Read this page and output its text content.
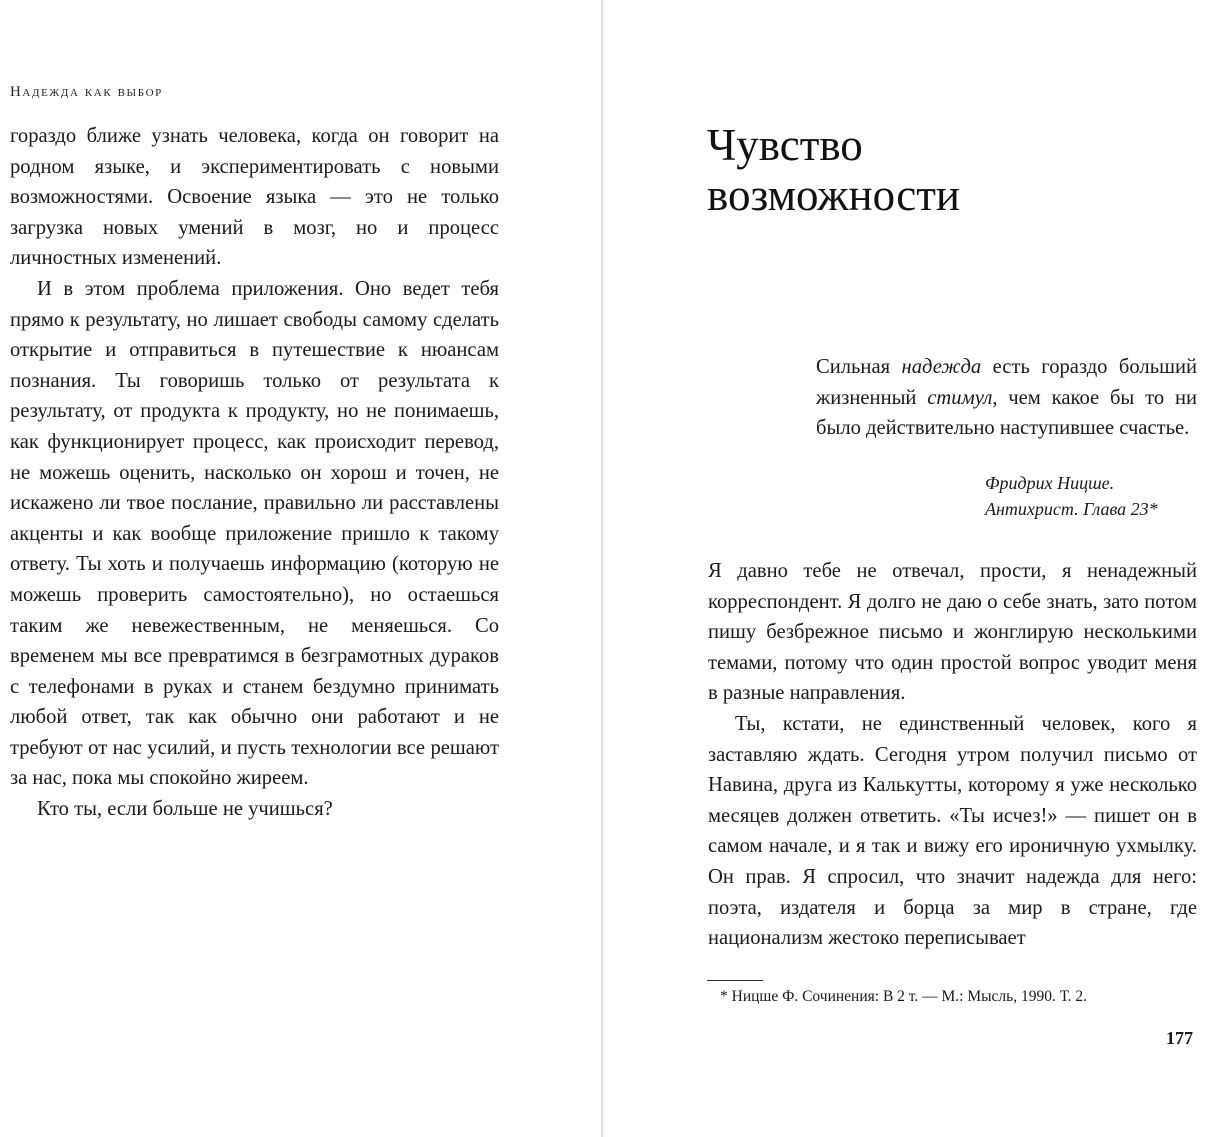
Надежда как выбор

гораздо ближе узнать человека, когда он говорит на родном языке, и экспериментировать с новыми возможностями. Освоение языка — это не только загрузка новых умений в мозг, но и процесс личностных изменений.

И в этом проблема приложения. Оно ведет тебя прямо к результату, но лишает свободы самому сделать открытие и отправиться в путешествие к нюансам познания. Ты говоришь только от результата к результату, от продукта к продукту, но не понимаешь, как функционирует процесс, как происходит перевод, не можешь оценить, насколько он хорош и точен, не искажено ли твое послание, правильно ли расставлены акценты и как вообще приложение пришло к такому ответу. Ты хоть и получаешь информацию (которую не можешь проверить самостоятельно), но остаешься таким же невежественным, не меняешься. Со временем мы все превратимся в безграмотных дураков с телефонами в руках и станем бездумно принимать любой ответ, так как обычно они работают и не требуют от нас усилий, и пусть технологии все решают за нас, пока мы спокойно жиреем.

Кто ты, если больше не учишься?

Чувство
возможности

Сильная надежда есть гораздо больший жизненный стимул, чем какое бы то ни было действительно наступившее счастье.

Фридрих Ницше.
Антихрист. Глава 23*

Я давно тебе не отвечал, прости, я ненадежный корреспондент. Я долго не даю о себе знать, зато потом пишу безбрежное письмо и жонглирую несколькими темами, потому что один простой вопрос уводит меня в разные направления.

Ты, кстати, не единственный человек, кого я заставляю ждать. Сегодня утром получил письмо от Навина, друга из Калькутты, которому я уже несколько месяцев должен ответить. «Ты исчез!» — пишет он в самом начале, и я так и вижу его ироничную ухмылку. Он прав. Я спросил, что значит надежда для него: поэта, издателя и борца за мир в стране, где национализм жестоко переписывает

* Ницше Ф. Сочинения: В 2 т. — М.: Мысль, 1990. Т. 2.
177
